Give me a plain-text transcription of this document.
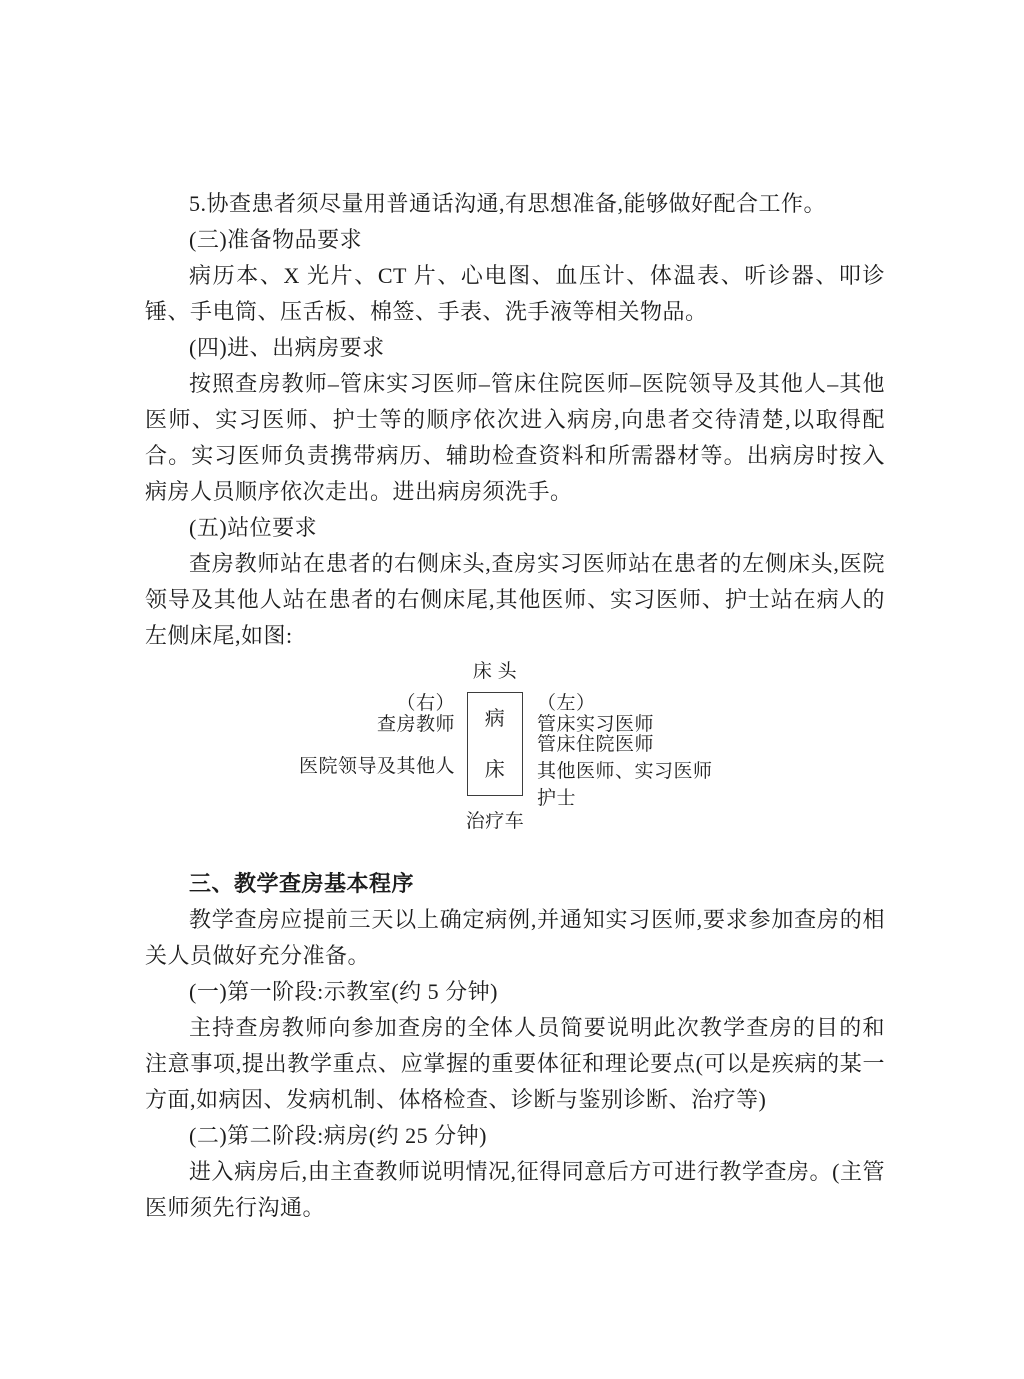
5.协查患者须尽量用普通话沟通,有思想准备,能够做好配合工作。

(三)准备物品要求

病历本、X 光片、CT 片、心电图、血压计、体温表、听诊器、叩诊锤、手电筒、压舌板、棉签、手表、洗手液等相关物品。

(四)进、出病房要求

按照查房教师–管床实习医师–管床住院医师–医院领导及其他人–其他医师、实习医师、护士等的顺序依次进入病房,向患者交待清楚,以取得配合。实习医师负责携带病历、辅助检查资料和所需器材等。出病房时按入病房人员顺序依次走出。进出病房须洗手。

(五)站位要求

查房教师站在患者的右侧床头,查房实习医师站在患者的左侧床头,医院领导及其他人站在患者的右侧床尾,其他医师、实习医师、护士站在病人的左侧床尾,如图:

床 头
（右）
查房教师
医院领导及其他人
病
床
（左）
管床实习医师
管床住院医师
其他医师、实习医师
护士
治疗车

三、教学查房基本程序

教学查房应提前三天以上确定病例,并通知实习医师,要求参加查房的相关人员做好充分准备。

(一)第一阶段:示教室(约 5 分钟)

主持查房教师向参加查房的全体人员简要说明此次教学查房的目的和注意事项,提出教学重点、应掌握的重要体征和理论要点(可以是疾病的某一方面,如病因、发病机制、体格检查、诊断与鉴别诊断、治疗等)

(二)第二阶段:病房(约 25 分钟)

进入病房后,由主查教师说明情况,征得同意后方可进行教学查房。(主管医师须先行沟通。
